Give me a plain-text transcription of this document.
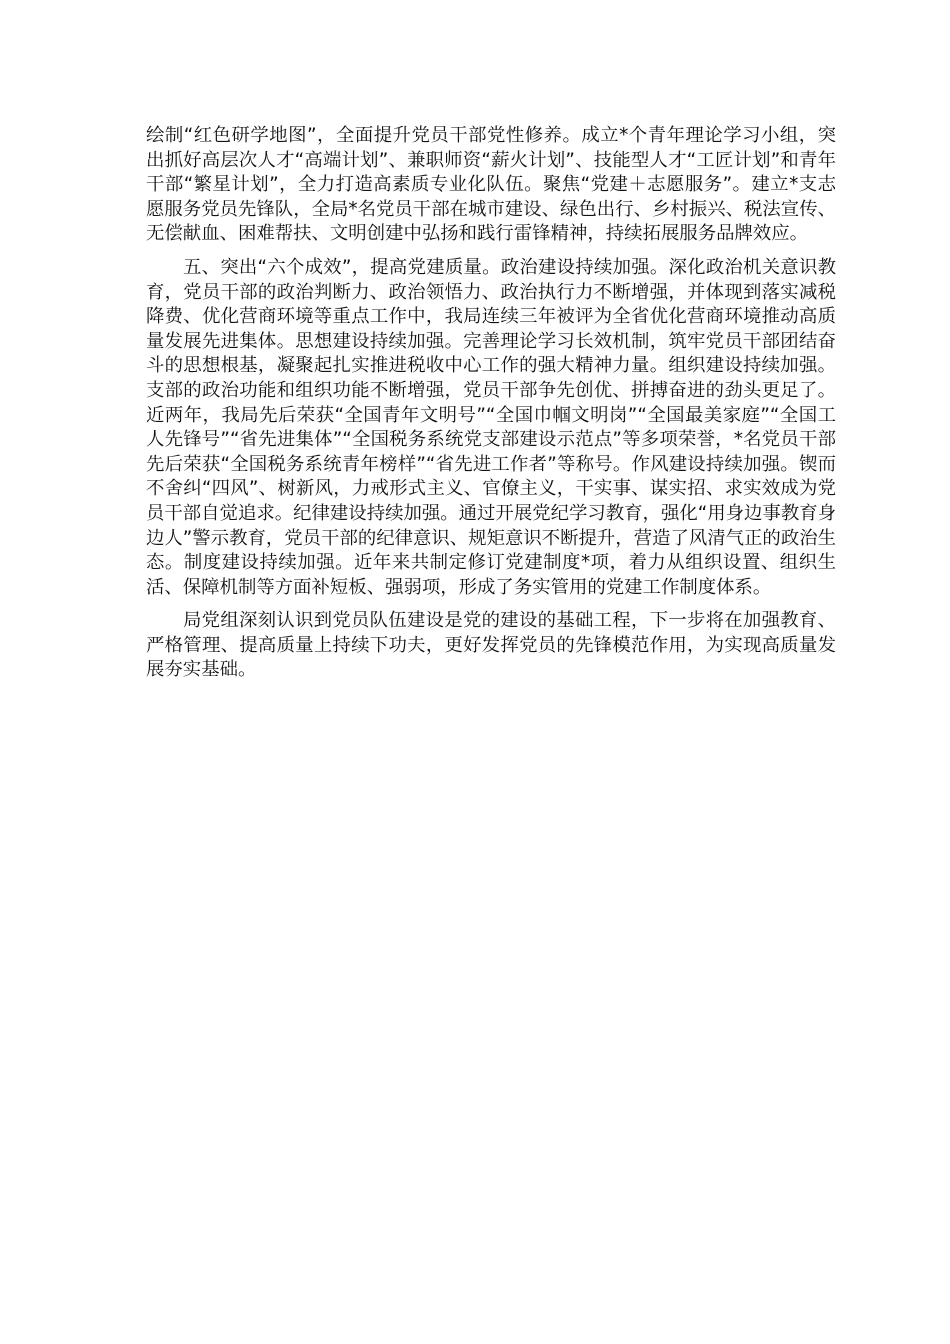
绘制“红色研学地图”，全面提升党员干部党性修养。成立*个青年理论学习小组，突出抓好高层次人才“高端计划”、兼职师资“薪火计划”、技能型人才“工匠计划”和青年干部“繁星计划”，全力打造高素质专业化队伍。聚焦“党建＋志愿服务”。建立*支志愿服务党员先锋队，全局*名党员干部在城市建设、绿色出行、乡村振兴、税法宣传、无偿献血、困难帮扶、文明创建中弘扬和践行雷锋精神，持续拓展服务品牌效应。

五、突出“六个成效”，提高党建质量。政治建设持续加强。深化政治机关意识教育，党员干部的政治判断力、政治领悟力、政治执行力不断增强，并体现到落实减税降费、优化营商环境等重点工作中，我局连续三年被评为全省优化营商环境推动高质量发展先进集体。思想建设持续加强。完善理论学习长效机制，筑牢党员干部团结奋斗的思想根基，凝聚起扎实推进税收中心工作的强大精神力量。组织建设持续加强。支部的政治功能和组织功能不断增强，党员干部争先创优、拼搏奋进的劲头更足了。近两年，我局先后荣获“全国青年文明号”“全国巾帼文明岗”“全国最美家庭”“全国工人先锋号”“省先进集体”“全国税务系统党支部建设示范点”等多项荣誉，*名党员干部先后荣获“全国税务系统青年榜样”“省先进工作者”等称号。作风建设持续加强。锲而不舍纠“四风”、树新风，力戒形式主义、官僚主义，干实事、谋实招、求实效成为党员干部自觉追求。纪律建设持续加强。通过开展党纪学习教育，强化“用身边事教育身边人”警示教育，党员干部的纪律意识、规矩意识不断提升，营造了风清气正的政治生态。制度建设持续加强。近年来共制定修订党建制度*项，着力从组织设置、组织生活、保障机制等方面补短板、强弱项，形成了务实管用的党建工作制度体系。

局党组深刻认识到党员队伍建设是党的建设的基础工程，下一步将在加强教育、严格管理、提高质量上持续下功夫，更好发挥党员的先锋模范作用，为实现高质量发展夯实基础。
